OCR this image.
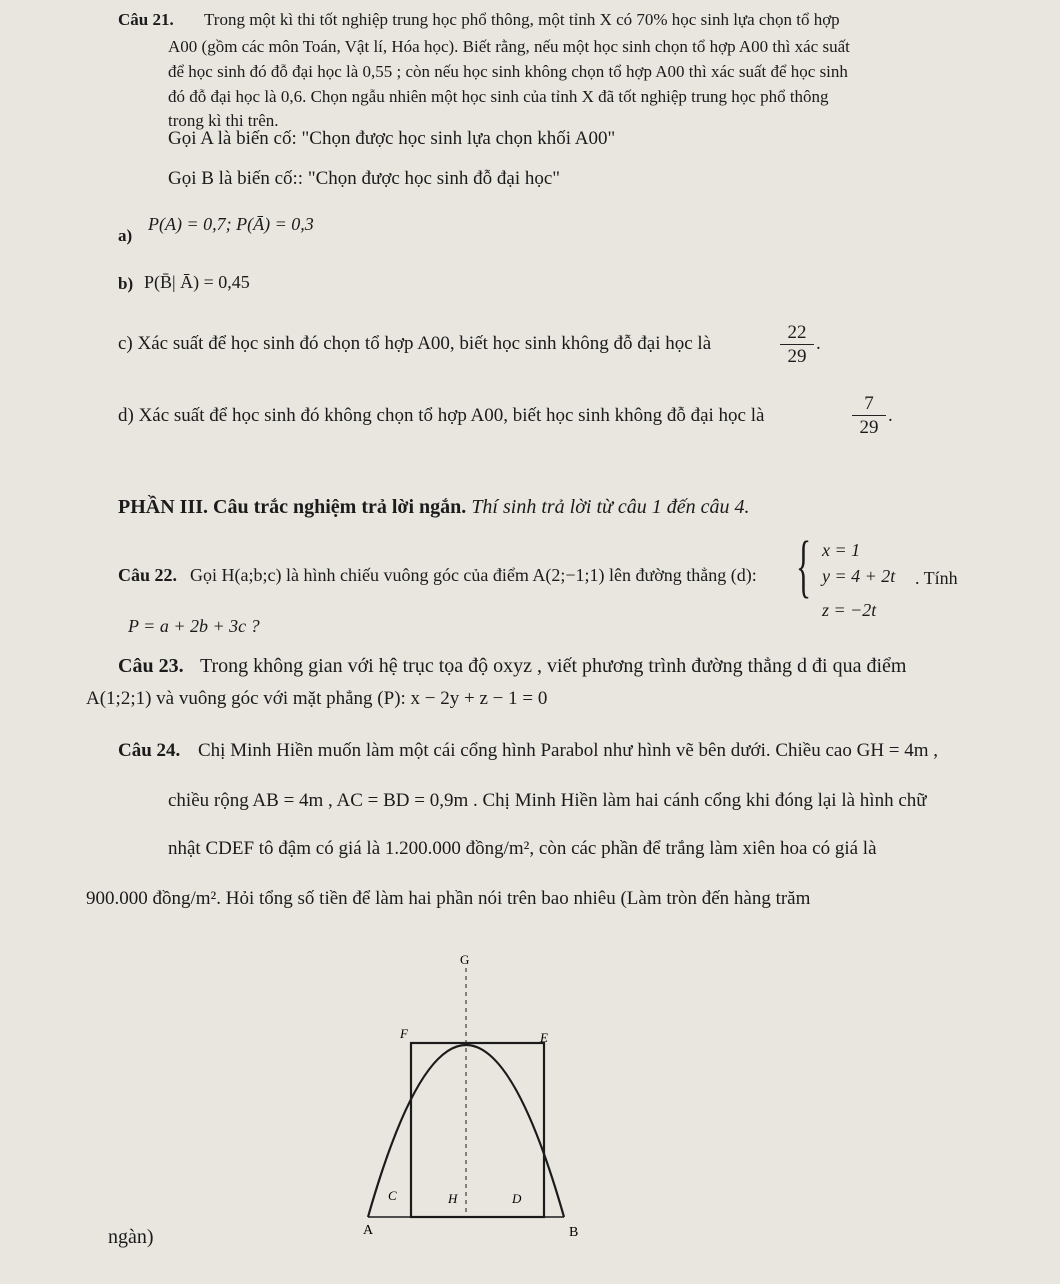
Câu 21. Trong một kì thi tốt nghiệp trung học phổ thông, một tỉnh X có 70% học sinh lựa chọn tổ hợp
A00 (gồm các môn Toán, Vật lí, Hóa học). Biết rằng, nếu một học sinh chọn tổ hợp A00 thì xác suất
để học sinh đó đỗ đại học là 0,55 ; còn nếu học sinh không chọn tổ hợp A00 thì xác suất để học sinh
đó đỗ đại học là 0,6. Chọn ngẫu nhiên một học sinh của tỉnh X đã tốt nghiệp trung học phổ thông
trong kì thi trên.
Gọi A là biến cố: "Chọn được học sinh lựa chọn khối A00"
Gọi B là biến cố:: "Chọn được học sinh đỗ đại học"
a)
P(A) = 0,7; P(Ā) = 0,3
b) P(B̄| Ā) = 0,45
c) Xác suất để học sinh đó chọn tổ hợp A00, biết học sinh không đỗ đại học là	$\frac{22}{29}$ .
d) Xác suất để học sinh đó không chọn tổ hợp A00, biết học sinh không đỗ đại học là	$\frac{7}{29}$ .
PHẦN III. Câu trắc nghiệm trả lời ngắn. Thí sinh trả lời từ câu 1 đến câu 4.
Câu 22. Gọi H(a;b;c) là hình chiếu vuông góc của điểm A(2;−1;1) lên đường thẳng (d): { x = 1
y = 4 + 2t
z = −2t
. Tính
P = a + 2b + 3c ?
Câu 23. Trong không gian với hệ trục tọa độ oxyz , viết phương trình đường thẳng d đi qua điểm
A(1;2;1) và vuông góc với mặt phẳng (P): x − 2y + z − 1 = 0
Câu 24. Chị Minh Hiền muốn làm một cái cổng hình Parabol như hình vẽ bên dưới. Chiều cao GH = 4m ,
chiều rộng AB = 4m , AC = BD = 0,9m . Chị Minh Hiền làm hai cánh cổng khi đóng lại là hình chữ
nhật CDEF tô đậm có giá là 1.200.000 đồng/m², còn các phần để trắng làm xiên hoa có giá là
900.000 đồng/m². Hỏi tổng số tiền để làm hai phần nói trên bao nhiêu (Làm tròn đến hàng trăm
ngàn)
G
F	E
C	H	D
A	B
